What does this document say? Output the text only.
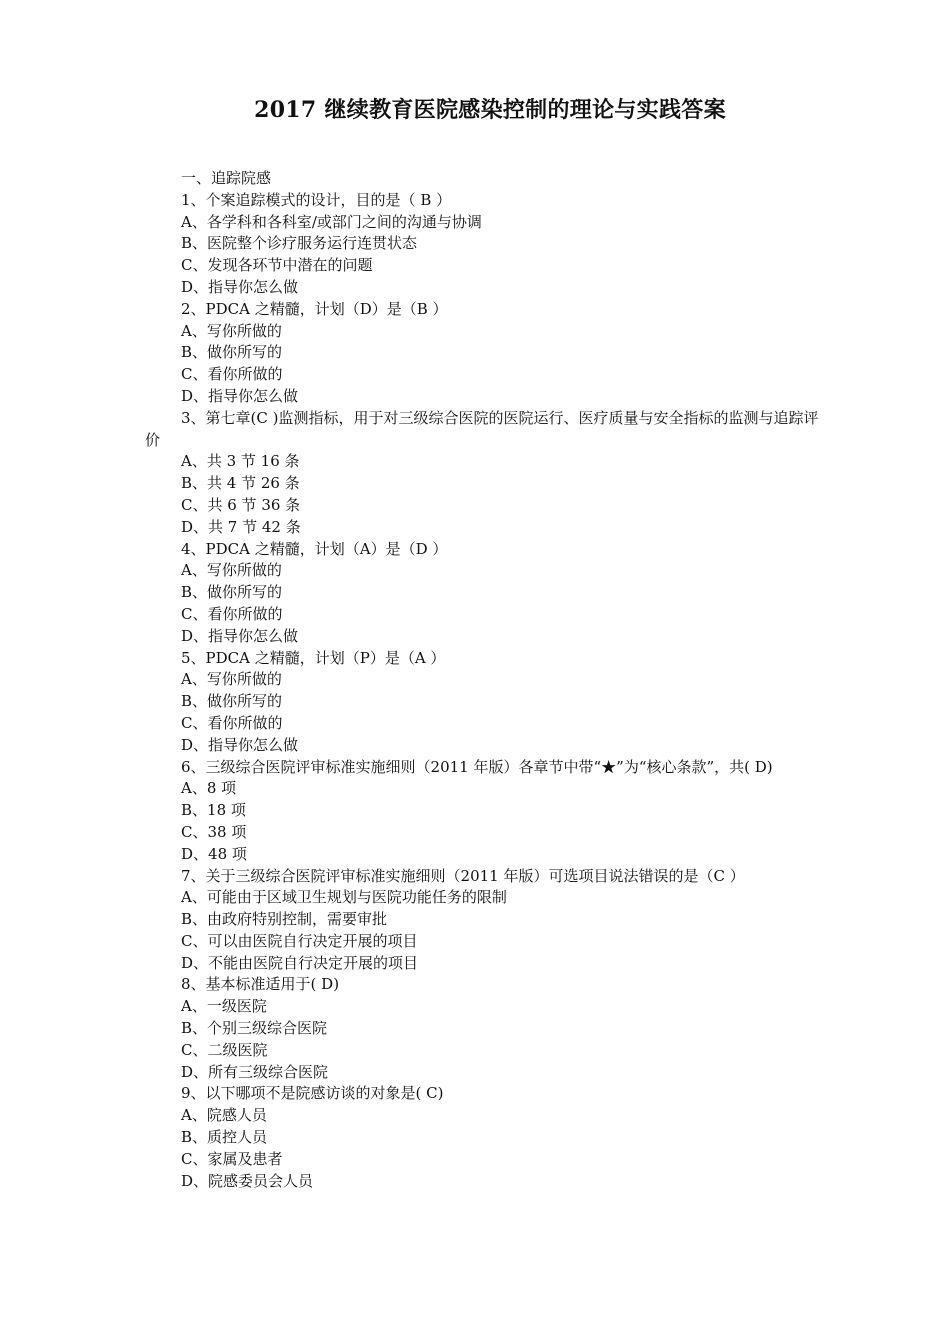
2017 继续教育医院感染控制的理论与实践答案
一、追踪院感
1、个案追踪模式的设计，目的是（ B ）
A、各学科和各科室/或部门之间的沟通与协调
B、医院整个诊疗服务运行连贯状态
C、发现各环节中潜在的问题
D、指导你怎么做
2、PDCA 之精髓，计划（D）是（B ）
A、写你所做的
B、做你所写的
C、看你所做的
D、指导你怎么做
3、第七章(C )监测指标，用于对三级综合医院的医院运行、医疗质量与安全指标的监测与追踪评价
A、共 3 节 16 条
B、共 4 节 26 条
C、共 6 节 36 条
D、共 7 节 42 条
4、PDCA 之精髓，计划（A）是（D ）
A、写你所做的
B、做你所写的
C、看你所做的
D、指导你怎么做
5、PDCA 之精髓，计划（P）是（A ）
A、写你所做的
B、做你所写的
C、看你所做的
D、指导你怎么做
6、三级综合医院评审标准实施细则（2011 年版）各章节中带“★”为“核心条款”，共( D)
A、8 项
B、18 项
C、38 项
D、48 项
7、关于三级综合医院评审标准实施细则（2011 年版）可选项目说法错误的是（C ）
A、可能由于区域卫生规划与医院功能任务的限制
B、由政府特别控制，需要审批
C、可以由医院自行决定开展的项目
D、不能由医院自行决定开展的项目
8、基本标准适用于( D)
A、一级医院
B、个别三级综合医院
C、二级医院
D、所有三级综合医院
9、以下哪项不是院感访谈的对象是( C)
A、院感人员
B、质控人员
C、家属及患者
D、院感委员会人员
